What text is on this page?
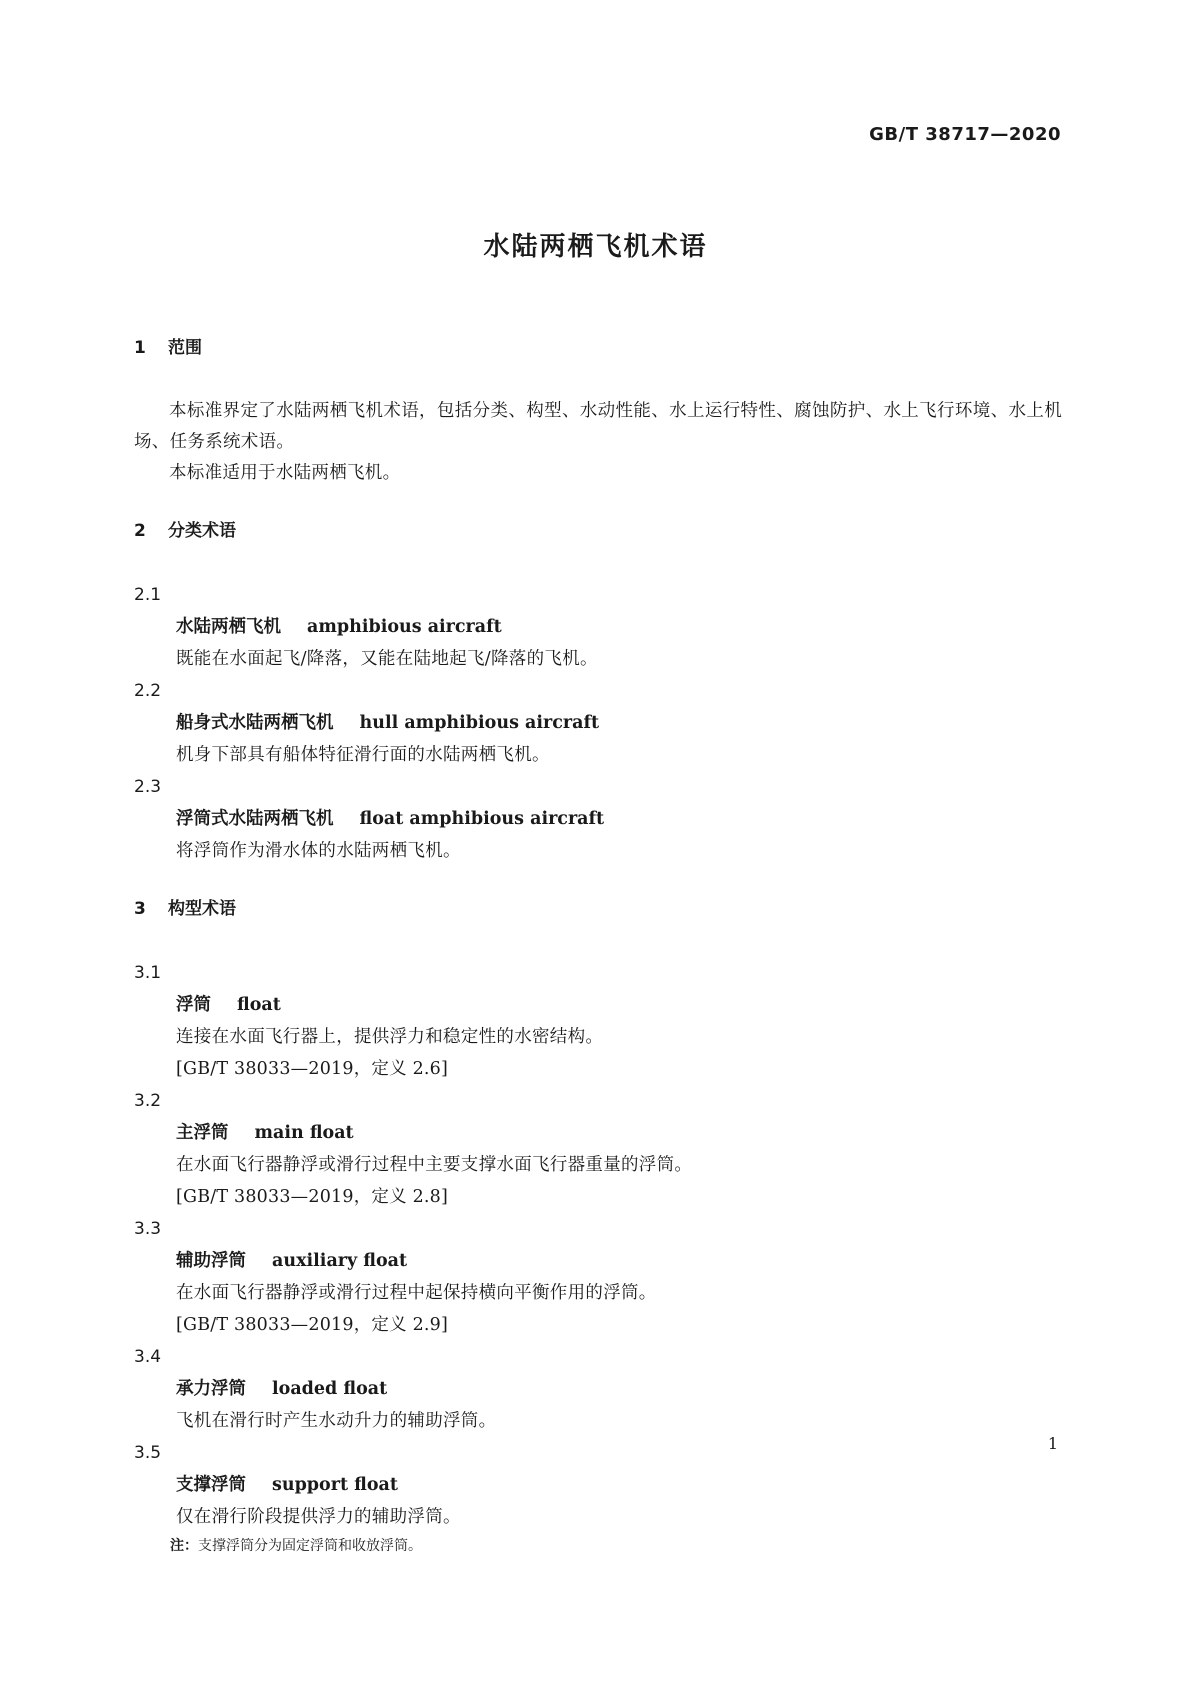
GB/T 38717—2020
水陆两栖飞机术语
1 范围

本标准界定了水陆两栖飞机术语，包括分类、构型、水动性能、水上运行特性、腐蚀防护、水上飞行环境、水上机场、任务系统术语。

本标准适用于水陆两栖飞机。

2 分类术语
2.1
水陆两栖飞机 amphibious aircraft
既能在水面起飞/降落，又能在陆地起飞/降落的飞机。
2.2
船身式水陆两栖飞机 hull amphibious aircraft
机身下部具有船体特征滑行面的水陆两栖飞机。
2.3
浮筒式水陆两栖飞机 float amphibious aircraft
将浮筒作为滑水体的水陆两栖飞机。
3 构型术语
3.1
浮筒 float
连接在水面飞行器上，提供浮力和稳定性的水密结构。
[GB/T 38033—2019，定义 2.6]
3.2
主浮筒 main float
在水面飞行器静浮或滑行过程中主要支撑水面飞行器重量的浮筒。
[GB/T 38033—2019，定义 2.8]
3.3
辅助浮筒 auxiliary float
在水面飞行器静浮或滑行过程中起保持横向平衡作用的浮筒。
[GB/T 38033—2019，定义 2.9]
3.4
承力浮筒 loaded float
飞机在滑行时产生水动升力的辅助浮筒。
3.5
支撑浮筒 support float
仅在滑行阶段提供浮力的辅助浮筒。
注：支撑浮筒分为固定浮筒和收放浮筒。
1
